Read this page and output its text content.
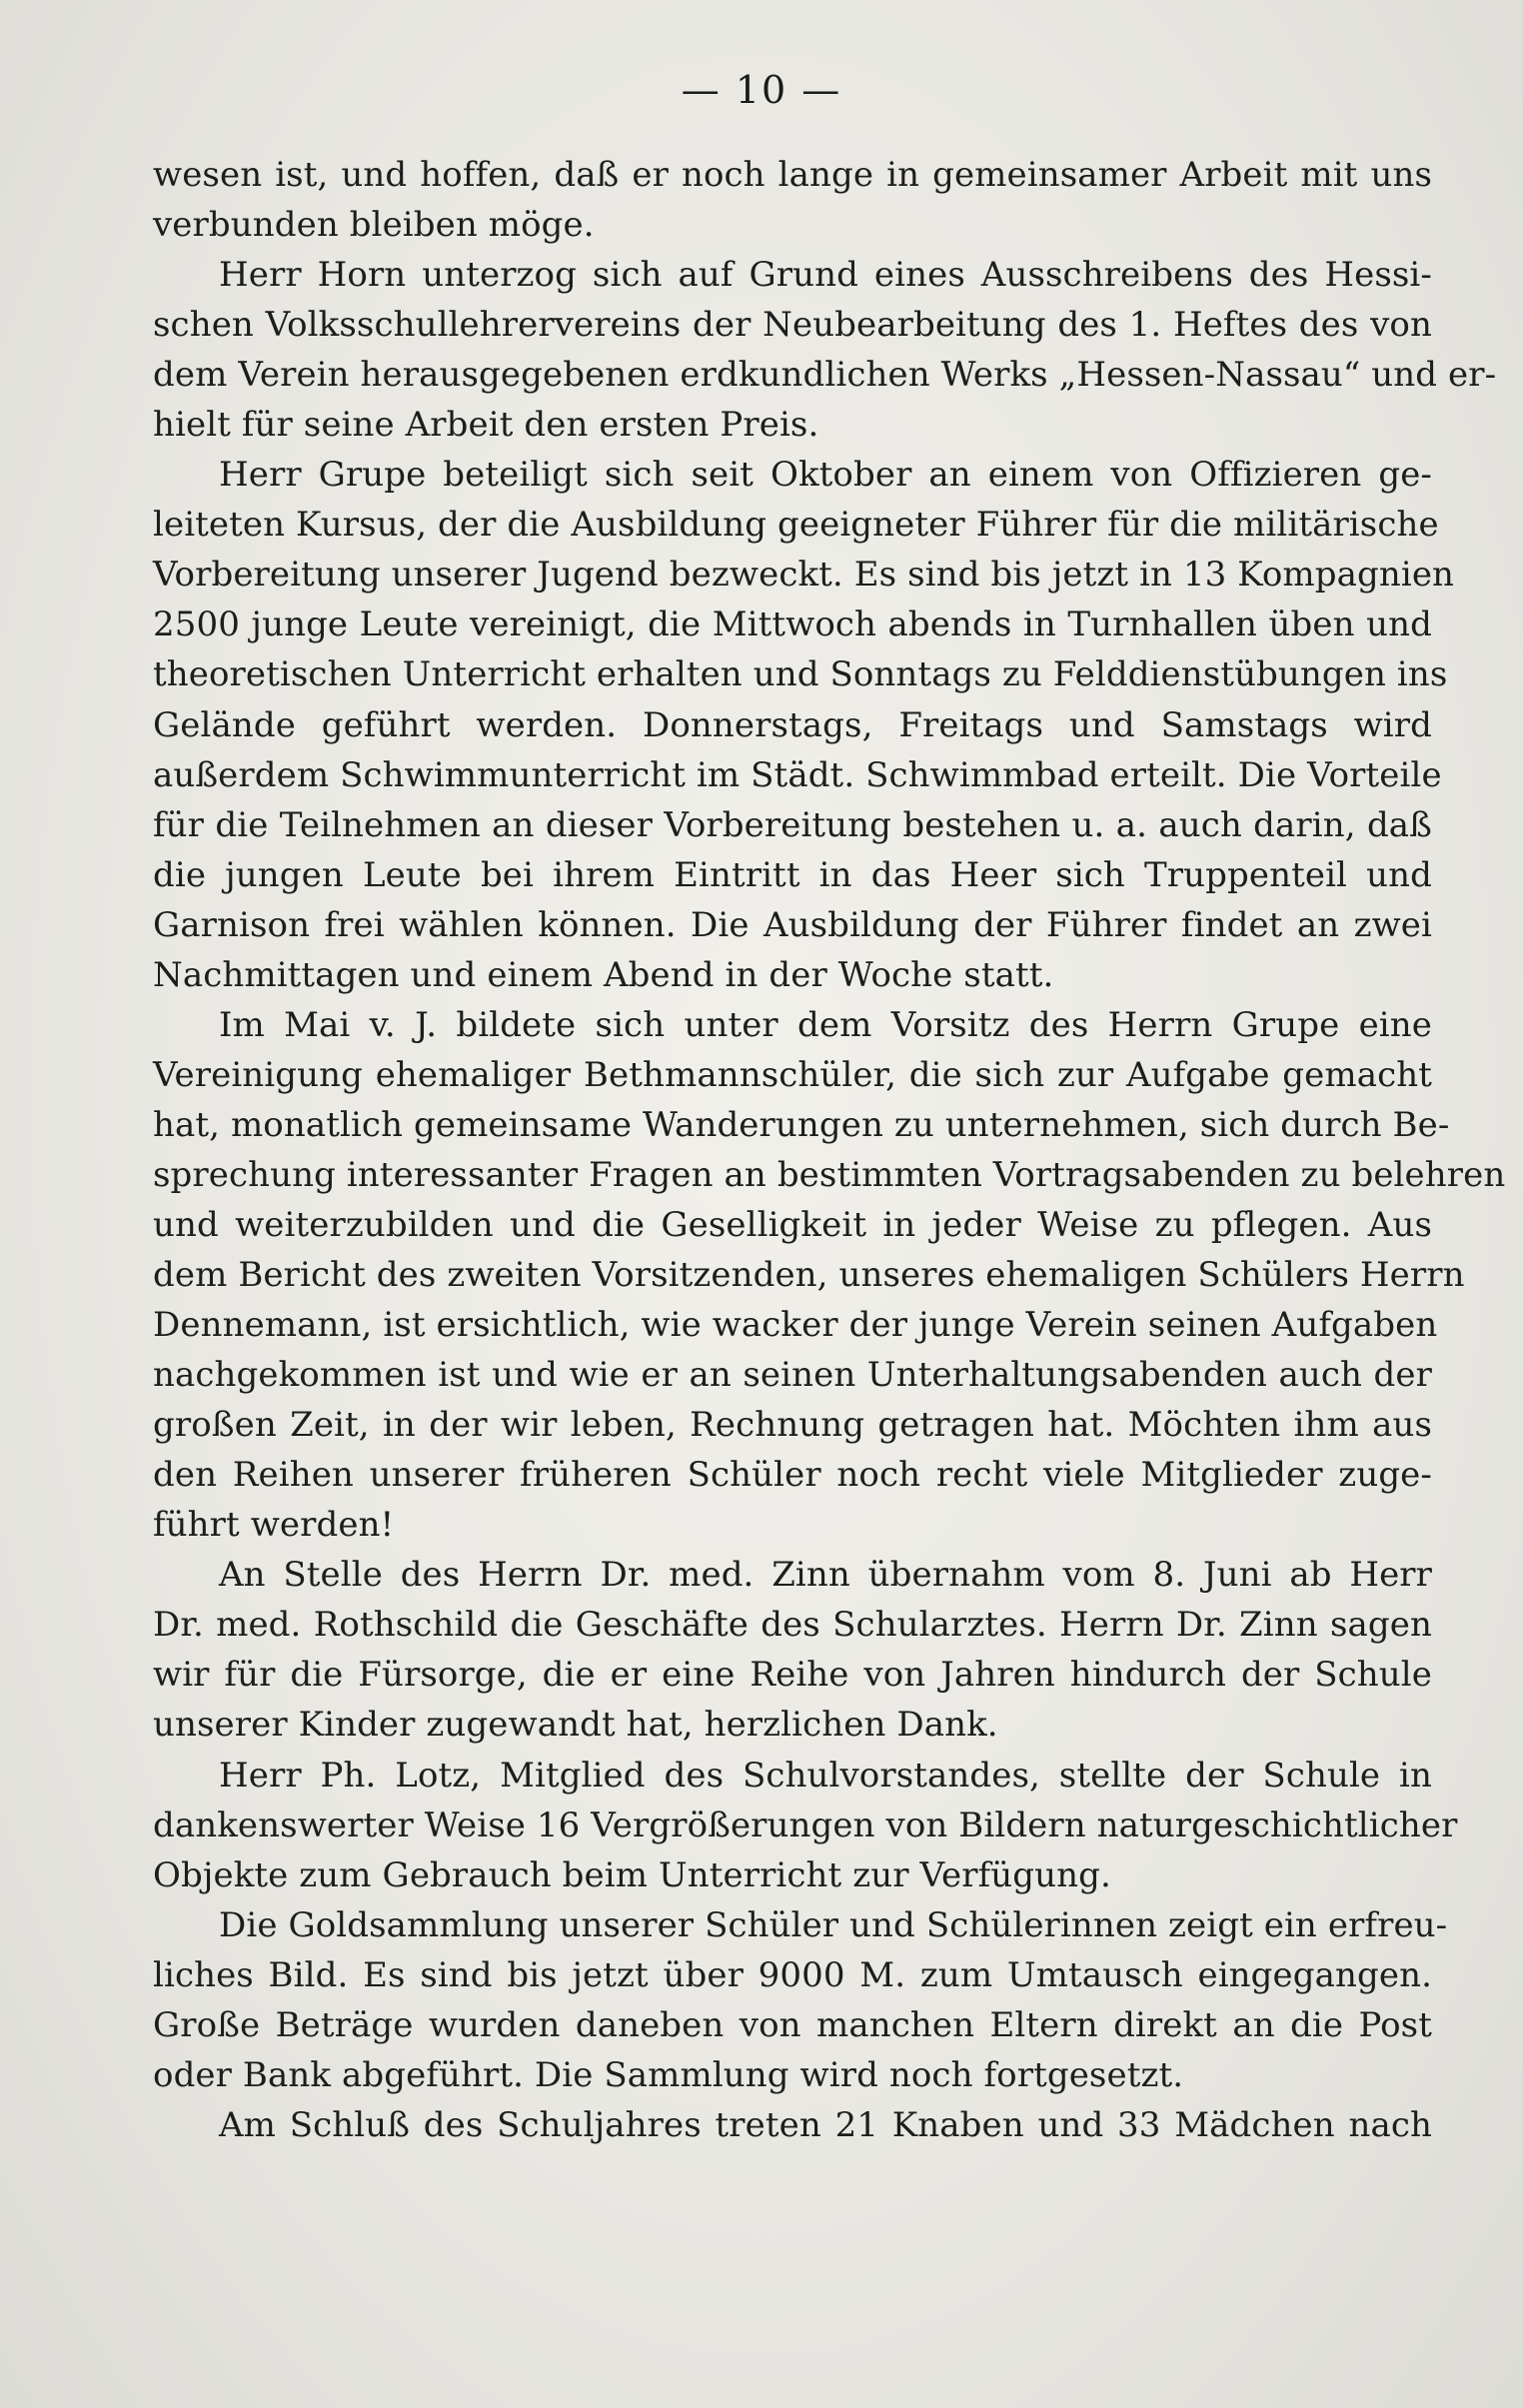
— 10 —
wesen ist, und hoffen, daß er noch lange in gemeinsamer Arbeit mit uns
verbunden bleiben möge.
Herr Horn unterzog sich auf Grund eines Ausschreibens des Hessi-
schen Volksschullehrervereins der Neubearbeitung des 1. Heftes des von
dem Verein herausgegebenen erdkundlichen Werks „Hessen-Nassau“ und er-
hielt für seine Arbeit den ersten Preis.
Herr Grupe beteiligt sich seit Oktober an einem von Offizieren ge-
leiteten Kursus, der die Ausbildung geeigneter Führer für die militärische
Vorbereitung unserer Jugend bezweckt. Es sind bis jetzt in 13 Kompagnien
2500 junge Leute vereinigt, die Mittwoch abends in Turnhallen üben und
theoretischen Unterricht erhalten und Sonntags zu Felddienstübungen ins
Gelände geführt werden. Donnerstags, Freitags und Samstags wird
außerdem Schwimmunterricht im Städt. Schwimmbad erteilt. Die Vorteile
für die Teilnehmen an dieser Vorbereitung bestehen u. a. auch darin, daß
die jungen Leute bei ihrem Eintritt in das Heer sich Truppenteil und
Garnison frei wählen können. Die Ausbildung der Führer findet an zwei
Nachmittagen und einem Abend in der Woche statt.
Im Mai v. J. bildete sich unter dem Vorsitz des Herrn Grupe eine
Vereinigung ehemaliger Bethmannschüler, die sich zur Aufgabe gemacht
hat, monatlich gemeinsame Wanderungen zu unternehmen, sich durch Be-
sprechung interessanter Fragen an bestimmten Vortragsabenden zu belehren
und weiterzubilden und die Geselligkeit in jeder Weise zu pflegen. Aus
dem Bericht des zweiten Vorsitzenden, unseres ehemaligen Schülers Herrn
Dennemann, ist ersichtlich, wie wacker der junge Verein seinen Aufgaben
nachgekommen ist und wie er an seinen Unterhaltungsabenden auch der
großen Zeit, in der wir leben, Rechnung getragen hat. Möchten ihm aus
den Reihen unserer früheren Schüler noch recht viele Mitglieder zuge-
führt werden!
An Stelle des Herrn Dr. med. Zinn übernahm vom 8. Juni ab Herr
Dr. med. Rothschild die Geschäfte des Schularztes. Herrn Dr. Zinn sagen
wir für die Fürsorge, die er eine Reihe von Jahren hindurch der Schule
unserer Kinder zugewandt hat, herzlichen Dank.
Herr Ph. Lotz, Mitglied des Schulvorstandes, stellte der Schule in
dankenswerter Weise 16 Vergrößerungen von Bildern naturgeschichtlicher
Objekte zum Gebrauch beim Unterricht zur Verfügung.
Die Goldsammlung unserer Schüler und Schülerinnen zeigt ein erfreu-
liches Bild. Es sind bis jetzt über 9000 M. zum Umtausch eingegangen.
Große Beträge wurden daneben von manchen Eltern direkt an die Post
oder Bank abgeführt. Die Sammlung wird noch fortgesetzt.
Am Schluß des Schuljahres treten 21 Knaben und 33 Mädchen nach
